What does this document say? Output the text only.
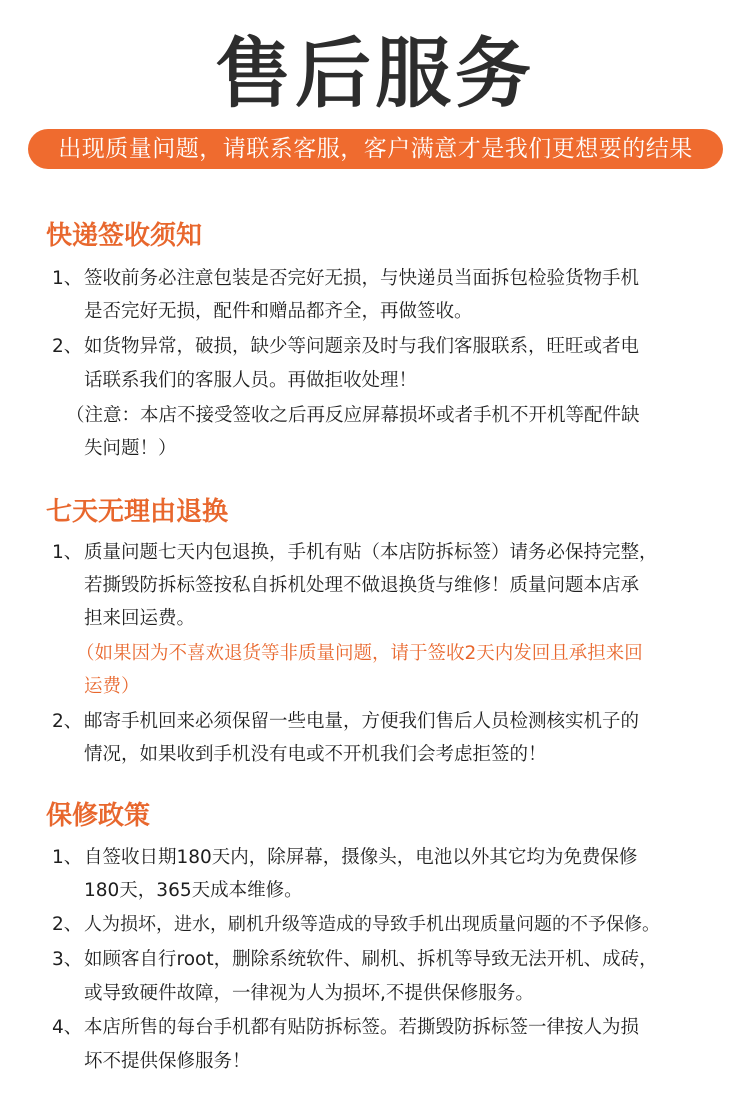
售后服务
出现质量问题，请联系客服，客户满意才是我们更想要的结果
快递签收须知
1、 签收前务必注意包装是否完好无损，与快递员当面拆包检验货物手机
是否完好无损，配件和赠品都齐全，再做签收。
2、 如货物异常，破损，缺少等问题亲及时与我们客服联系，旺旺或者电
话联系我们的客服人员。再做拒收处理！
（注意：本店不接受签收之后再反应屏幕损坏或者手机不开机等配件缺
失问题！）
七天无理由退换
1、 质量问题七天内包退换，手机有贴（本店防拆标签）请务必保持完整，
若撕毁防拆标签按私自拆机处理不做退换货与维修！质量问题本店承
担来回运费。
（如果因为不喜欢退货等非质量问题，请于签收2天内发回且承担来回
运费）
2、 邮寄手机回来必须保留一些电量，方便我们售后人员检测核实机子的
情况，如果收到手机没有电或不开机我们会考虑拒签的！
保修政策
1、 自签收日期180天内，除屏幕，摄像头，电池以外其它均为免费保修
180天，365天成本维修。
2、 人为损坏，进水，刷机升级等造成的导致手机出现质量问题的不予保修。
3、 如顾客自行root，删除系统软件、刷机、拆机等导致无法开机、成砖，
或导致硬件故障，一律视为人为损坏,不提供保修服务。
4、 本店所售的每台手机都有贴防拆标签。若撕毁防拆标签一律按人为损
坏不提供保修服务！
